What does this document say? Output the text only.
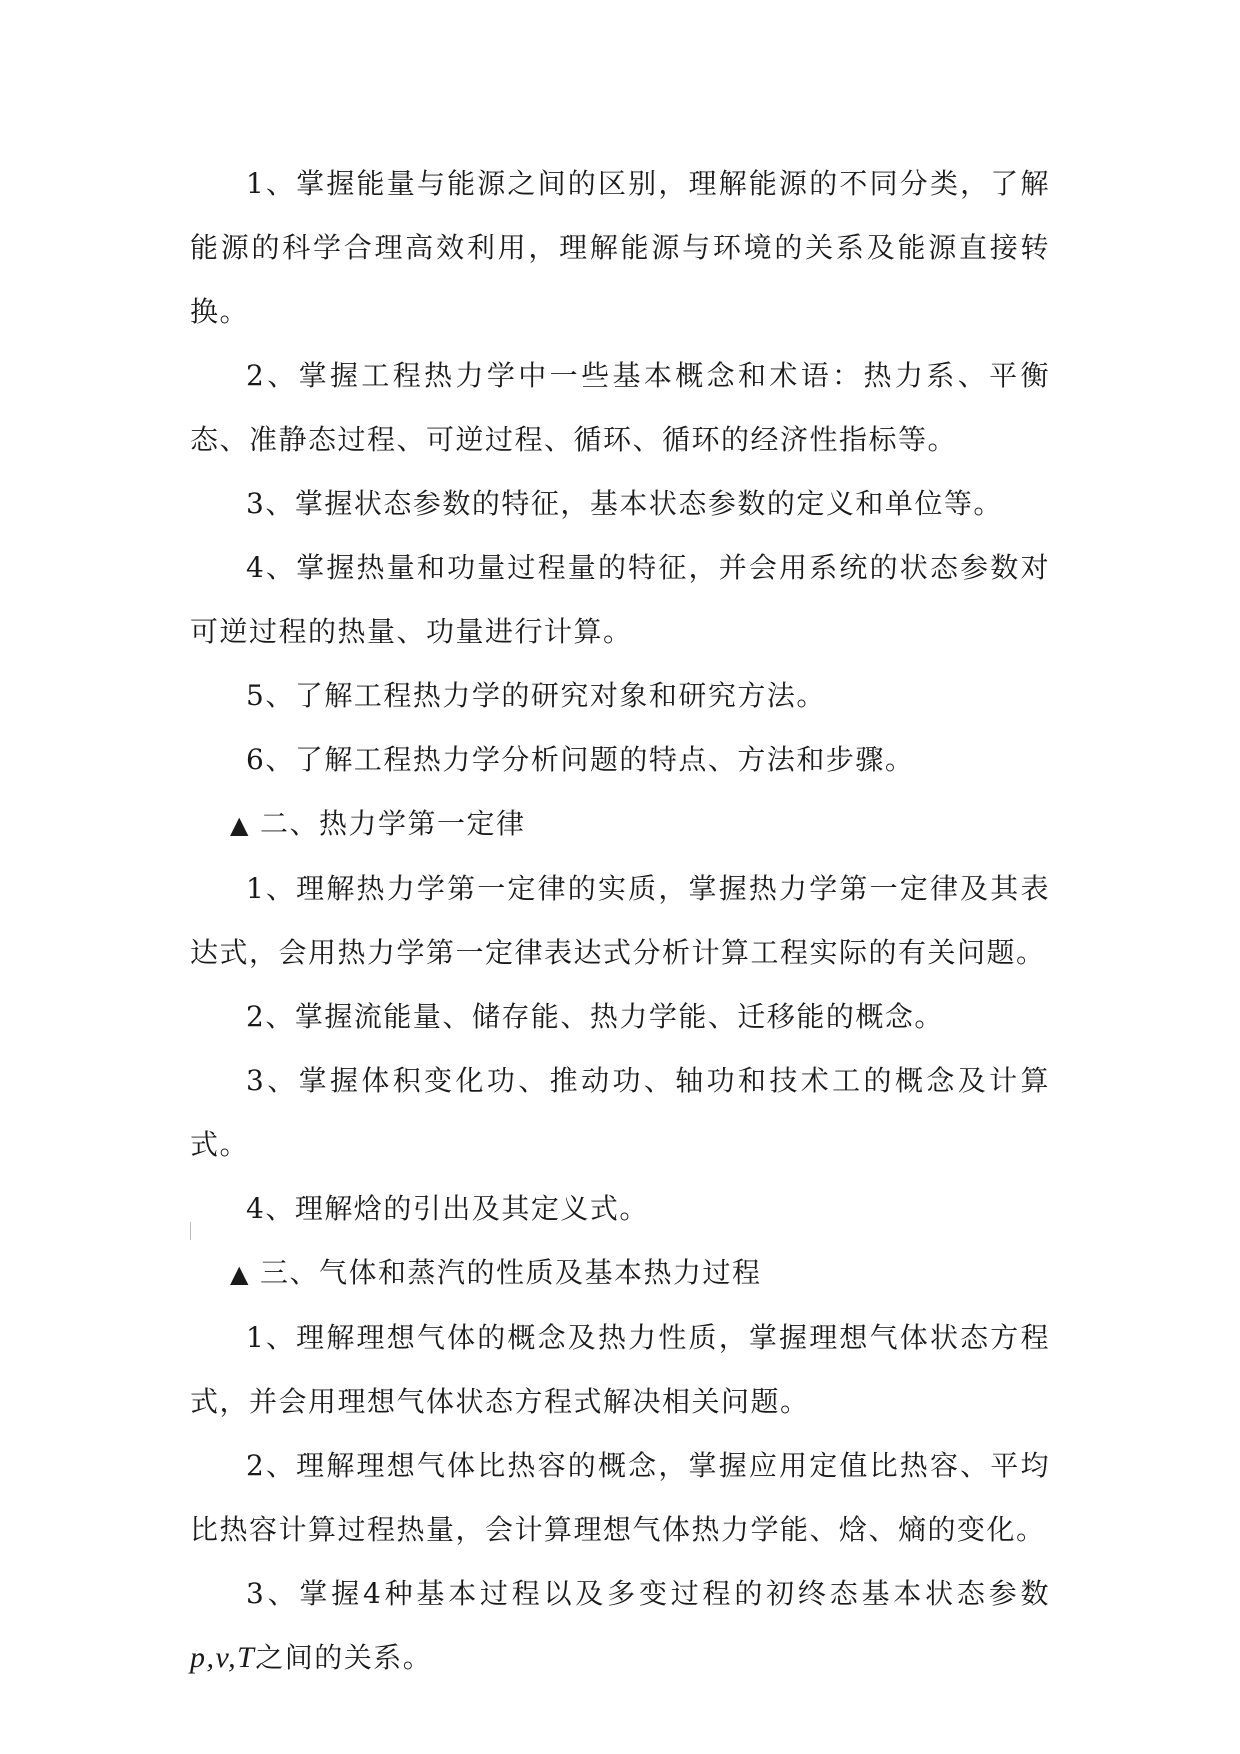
1、掌握能量与能源之间的区别，理解能源的不同分类，了解能源的科学合理高效利用，理解能源与环境的关系及能源直接转换。

2、掌握工程热力学中一些基本概念和术语：热力系、平衡态、准静态过程、可逆过程、循环、循环的经济性指标等。

3、掌握状态参数的特征，基本状态参数的定义和单位等。

4、掌握热量和功量过程量的特征，并会用系统的状态参数对可逆过程的热量、功量进行计算。

5、了解工程热力学的研究对象和研究方法。

6、了解工程热力学分析问题的特点、方法和步骤。

▲ 二、热力学第一定律

1、理解热力学第一定律的实质，掌握热力学第一定律及其表达式，会用热力学第一定律表达式分析计算工程实际的有关问题。

2、掌握流能量、储存能、热力学能、迁移能的概念。

3、掌握体积变化功、推动功、轴功和技术工的概念及计算式。

4、理解焓的引出及其定义式。

▲ 三、气体和蒸汽的性质及基本热力过程

1、理解理想气体的概念及热力性质，掌握理想气体状态方程式，并会用理想气体状态方程式解决相关问题。

2、理解理想气体比热容的概念，掌握应用定值比热容、平均比热容计算过程热量，会计算理想气体热力学能、焓、熵的变化。

3、掌握4种基本过程以及多变过程的初终态基本状态参数p,v,T之间的关系。
